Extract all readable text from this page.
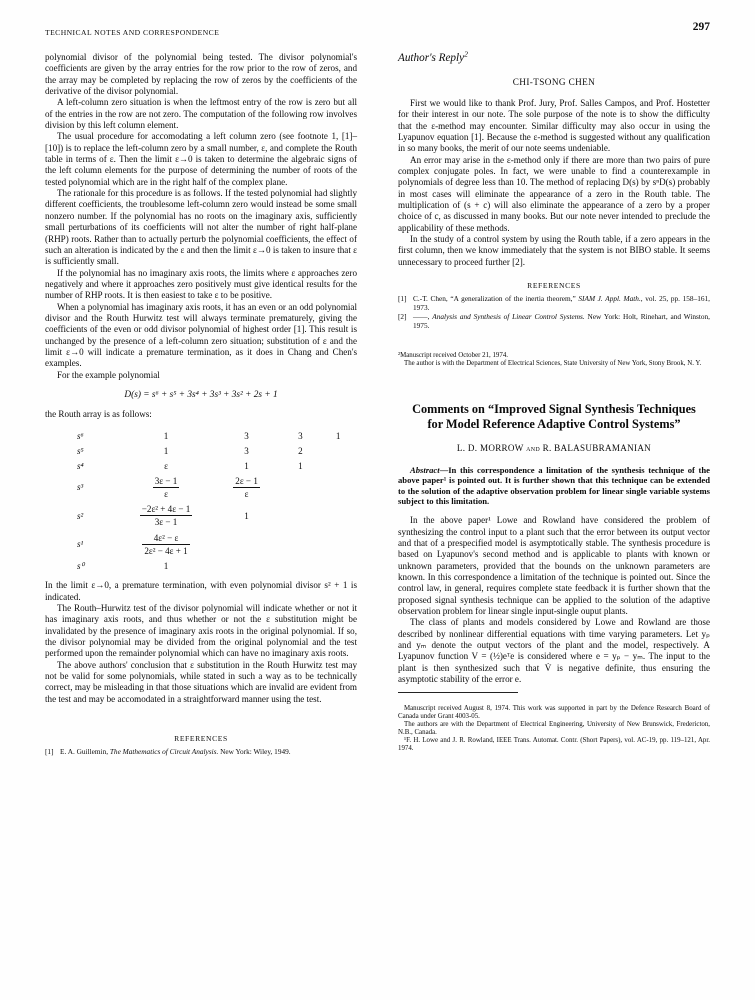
TECHNICAL NOTES AND CORRESPONDENCE	297

polynomial divisor of the polynomial being tested. The divisor polynomial's coefficients are given by the array entries for the row prior to the row of zeros, and the array may be completed by replacing the row of zeros by the coefficients of the derivative of the divisor polynomial.

A left-column zero situation is when the leftmost entry of the row is zero but all of the entries in the row are not zero. The computation of the following row involves division by this left column element.

The usual procedure for accomodating a left column zero (see footnote 1, [1]–[10]) is to replace the left-column zero by a small number, ε, and complete the Routh table in terms of ε. Then the limit ε→0 is taken to determine the algebraic signs of the left column elements for the purpose of determining the number of roots of the tested polynomial which are in the right half of the complex plane.

The rationale for this procedure is as follows. If the tested polynomial had slightly different coefficients, the troublesome left-column zero would instead be some small nonzero number. If the polynomial has no roots on the imaginary axis, sufficiently small perturbations of its coefficients will not alter the number of right half-plane (RHP) roots. Rather than to actually perturb the polynomial coefficients, the effect of such an alteration is indicated by the ε and then the limit ε→0 is taken to insure that ε is sufficiently small.

If the polynomial has no imaginary axis roots, the limits where ε approaches zero negatively and where it approaches zero positively must give identical results for the number of RHP roots. It is then easiest to take ε to be positive.

When a polynomial has imaginary axis roots, it has an even or an odd polynomial divisor and the Routh Hurwitz test will always terminate prematurely, giving the coefficients of the even or odd divisor polynomial of highest order [1]. This result is unchanged by the presence of a left-column zero situation; substitution of ε and the limit ε→0 will indicate a premature termination, as it does in Chang and Chen's examples.

For the example polynomial

D(s) = s⁶ + s⁵ + 3s⁴ + 3s³ + 3s² + 2s + 1

the Routh array is as follows:

s⁶	1	3	3	1
s⁵	1	3	2	
s⁴	ε	1	1	
s³	$\frac{3\varepsilon - 1}{\varepsilon}$	$\frac{2\varepsilon - 1}{\varepsilon}$

s²	$\frac{\text{−2ε² + 4ε − 1}}{3\varepsilon - 1}$	1		
s¹	$\frac{\text{4ε² − ε}}{\text{2ε² − 4ε + 1}}$

s⁰	1			

In the limit ε→0, a premature termination, with even polynomial divisor s² + 1 is indicated.

The Routh–Hurwitz test of the divisor polynomial will indicate whether or not it has imaginary axis roots, and thus whether or not the ε substitution might be invalidated by the presence of imaginary axis roots in the original polynomial. If so, the divisor polynomial may be divided from the original polynomial and the test performed upon the remainder polynomial which can have no imaginary axis roots.

The above authors' conclusion that ε substitution in the Routh Hurwitz test may not be valid for some polynomials, while stated in such a way as to be technically correct, may be misleading in that those situations which are invalid are evident from the test and may be accomodated in a straightforward manner using the test.

REFERENCES
[1] E. A. Guillemin, The Mathematics of Circuit Analysis. New York: Wiley, 1949.
Author's Reply$^2$
CHI-TSONG CHEN

First we would like to thank Prof. Jury, Prof. Salles Campos, and Prof. Hostetter for their interest in our note. The sole purpose of the note is to show the difficulty that the ε-method may encounter. Similar difficulty may also occur in using the Lyapunov equation [1]. Because the ε-method is suggested without any qualification in so many books, the merit of our note seems undeniable.

An error may arise in the ε-method only if there are more than two pairs of pure complex conjugate poles. In fact, we were unable to find a counterexample in polynomials of degree less than 10. The method of replacing D(s) by sⁿD(s) probably in most cases will eliminate the appearance of a zero in the Routh table. The multiplication of (s + c) will also eliminate the appearance of a zero by a proper choice of c, as discussed in many books. But our note never intended to preclude the applicability of these methods.

In the study of a control system by using the Routh table, if a zero appears in the first column, then we know immediately that the system is not BIBO stable. It seems unnecessary to proceed further [2].

REFERENCES
[1] C.-T. Chen, “A generalization of the inertia theorem,” SIAM J. Appl. Math., vol. 25, pp. 158–161, 1973.
[2] ——, Analysis and Synthesis of Linear Control Systems. New York: Holt, Rinehart, and Winston, 1975.

²Manuscript received October 21, 1974.

The author is with the Department of Electrical Sciences, State University of New York, Stony Brook, N. Y.

Comments on “Improved Signal Synthesis Techniques
for Model Reference Adaptive Control Systems”
L. D. MORROW and R. BALASUBRAMANIAN
Abstract—In this correspondence a limitation of the synthesis technique of the above paper¹ is pointed out. It is further shown that this technique can be extended to the solution of the adaptive observation problem for linear single variable systems subject to this limitation.

In the above paper¹ Lowe and Rowland have considered the problem of synthesizing the control input to a plant such that the error between its output vector and that of a prespecified model is asymptotically stable. The synthesis procedure is based on Lyapunov's second method and is applicable to plants with known or unknown parameters, provided that the bounds on the unknown parameters are known. In this correspondence a limitation of the technique is pointed out. Since the control law, in general, requires complete state feedback it is further shown that the proposed signal synthesis technique can be applied to the solution of the adaptive observation problem for linear single input-single ouput plants.

The class of plants and models considered by Lowe and Rowland are those described by nonlinear differential equations with time varying parameters. Let yₚ and yₘ denote the output vectors of the plant and the model, respectively. A Lyapunov function V = (½)eᵀe is considered where e = yₚ − yₘ. The input to the plant is then synthesized such that V̇ is negative definite, thus ensuring the asymptotic stability of the error e.

Manuscript received August 8, 1974. This work was supported in part by the Defence Research Board of Canada under Grant 4003-05.

The authors are with the Department of Electrical Engineering, University of New Brunswick, Fredericton, N.B., Canada.

¹F. H. Lowe and J. R. Rowland, IEEE Trans. Automat. Contr. (Short Papers), vol. AC-19, pp. 119–121, Apr. 1974.
